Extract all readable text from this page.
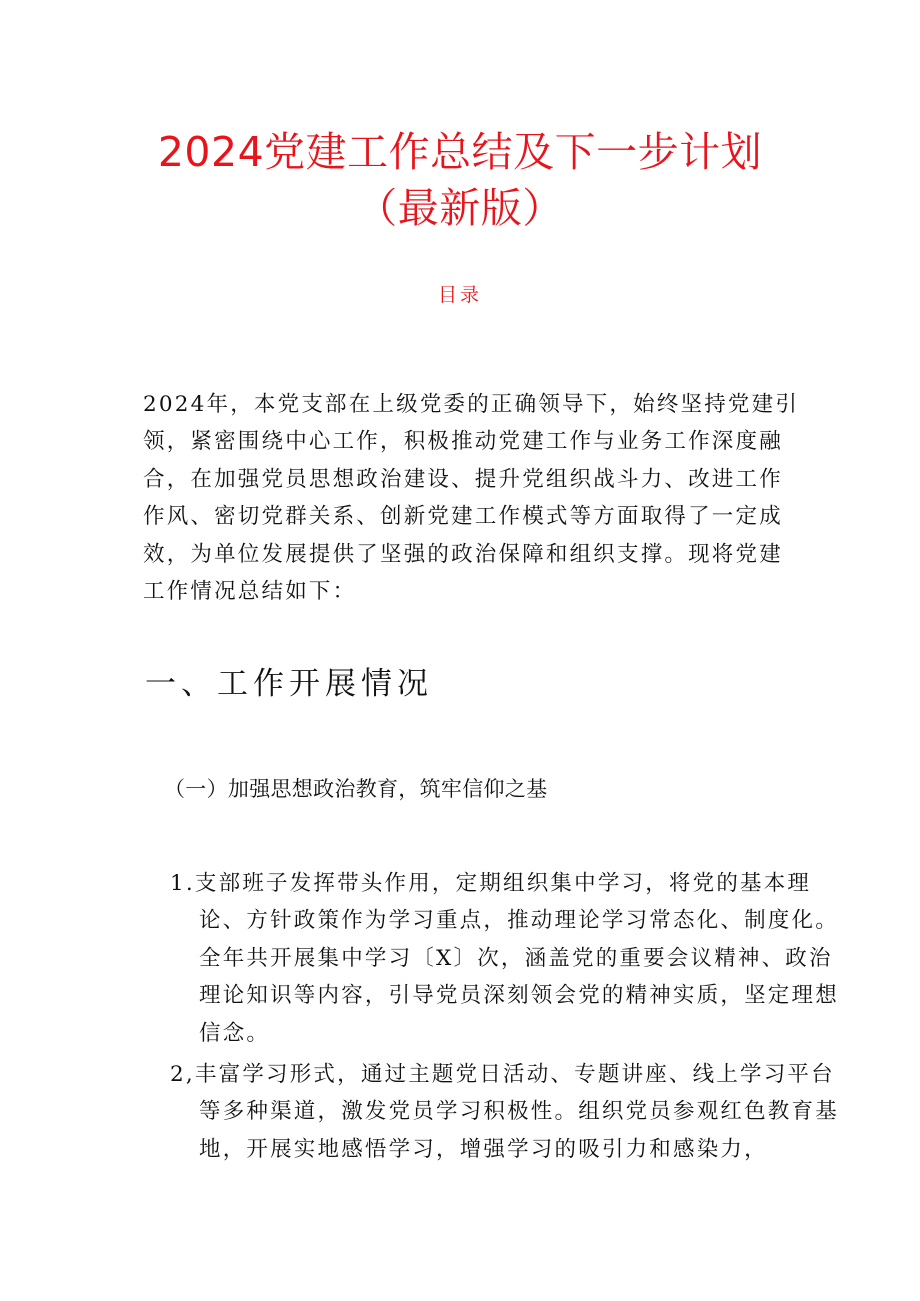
2024党建工作总结及下一步计划
（最新版）
目录

2024年，本党支部在上级党委的正确领导下，始终坚持党建引领，紧密围绕中心工作，积极推动党建工作与业务工作深度融合，在加强党员思想政治建设、提升党组织战斗力、改进工作作风、密切党群关系、创新党建工作模式等方面取得了一定成效，为单位发展提供了坚强的政治保障和组织支撑。现将党建工作情况总结如下：

一、工作开展情况
（一）加强思想政治教育，筑牢信仰之基

1.支部班子发挥带头作用，定期组织集中学习，将党的基本理论、方针政策作为学习重点，推动理论学习常态化、制度化。全年共开展集中学习〔X〕次，涵盖党的重要会议精神、政治理论知识等内容，引导党员深刻领会党的精神实质，坚定理想信念。

2,丰富学习形式，通过主题党日活动、专题讲座、线上学习平台等多种渠道，激发党员学习积极性。组织党员参观红色教育基地，开展实地感悟学习，增强学习的吸引力和感染力，
